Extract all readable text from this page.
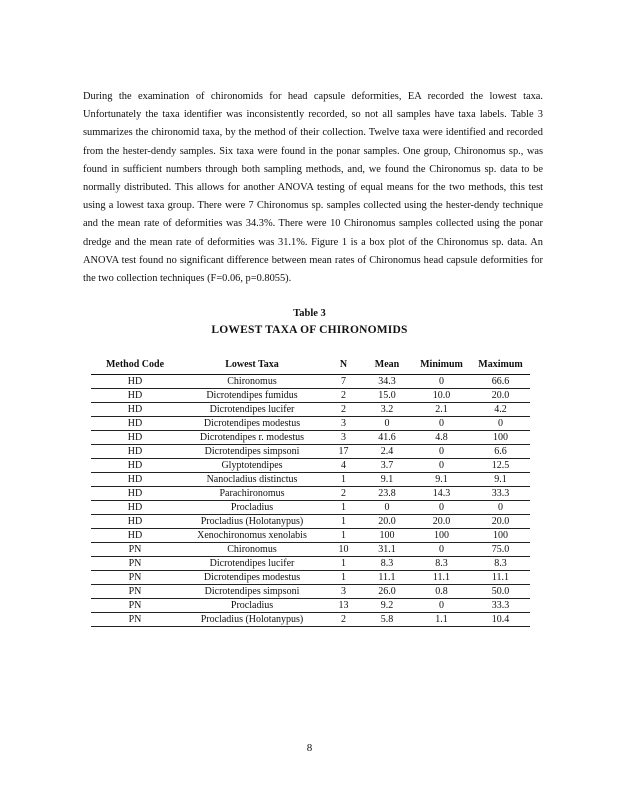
During the examination of chironomids for head capsule deformities, EA recorded the lowest taxa. Unfortunately the taxa identifier was inconsistently recorded, so not all samples have taxa labels. Table 3 summarizes the chironomid taxa, by the method of their collection. Twelve taxa were identified and recorded from the hester-dendy samples. Six taxa were found in the ponar samples. One group, Chironomus sp., was found in sufficient numbers through both sampling methods, and, we found the Chironomus sp. data to be normally distributed. This allows for another ANOVA testing of equal means for the two methods, this test using a lowest taxa group. There were 7 Chironomus sp. samples collected using the hester-dendy technique and the mean rate of deformities was 34.3%. There were 10 Chironomus samples collected using the ponar dredge and the mean rate of deformities was 31.1%. Figure 1 is a box plot of the Chironomus sp. data. An ANOVA test found no significant difference between mean rates of Chironomus head capsule deformities for the two collection techniques (F=0.06, p=0.8055).

Table 3

LOWEST TAXA OF CHIRONOMIDS

Method Code	Lowest Taxa	N	Mean	Minimum	Maximum
HD	Chironomus	7	34.3	0	66.6
HD	Dicrotendipes fumidus	2	15.0	10.0	20.0
HD	Dicrotendipes lucifer	2	3.2	2.1	4.2
HD	Dicrotendipes modestus	3	0	0	0
HD	Dicrotendipes r. modestus	3	41.6	4.8	100
HD	Dicrotendipes simpsoni	17	2.4	0	6.6
HD	Glyptotendipes	4	3.7	0	12.5
HD	Nanocladius distinctus	1	9.1	9.1	9.1
HD	Parachironomus	2	23.8	14.3	33.3
HD	Procladius	1	0	0	0
HD	Procladius (Holotanypus)	1	20.0	20.0	20.0
HD	Xenochironomus xenolabis	1	100	100	100
PN	Chironomus	10	31.1	0	75.0
PN	Dicrotendipes lucifer	1	8.3	8.3	8.3
PN	Dicrotendipes modestus	1	11.1	11.1	11.1
PN	Dicrotendipes simpsoni	3	26.0	0.8	50.0
PN	Procladius	13	9.2	0	33.3
PN	Procladius (Holotanypus)	2	5.8	1.1	10.4
8
